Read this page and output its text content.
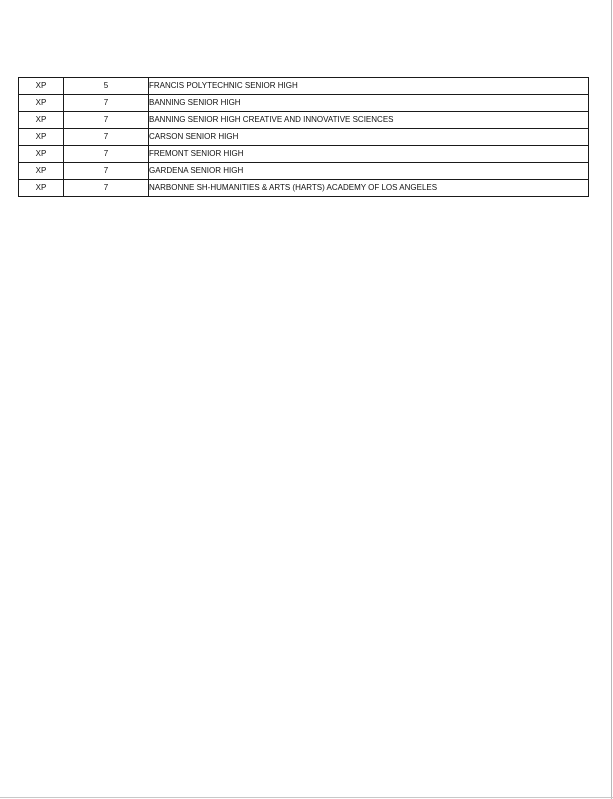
XP	5	FRANCIS POLYTECHNIC SENIOR HIGH
XP	7	BANNING SENIOR HIGH
XP	7	BANNING SENIOR HIGH CREATIVE AND INNOVATIVE SCIENCES
XP	7	CARSON SENIOR HIGH
XP	7	FREMONT SENIOR HIGH
XP	7	GARDENA SENIOR HIGH
XP	7	NARBONNE SH-HUMANITIES & ARTS (HARTS) ACADEMY OF LOS ANGELES
